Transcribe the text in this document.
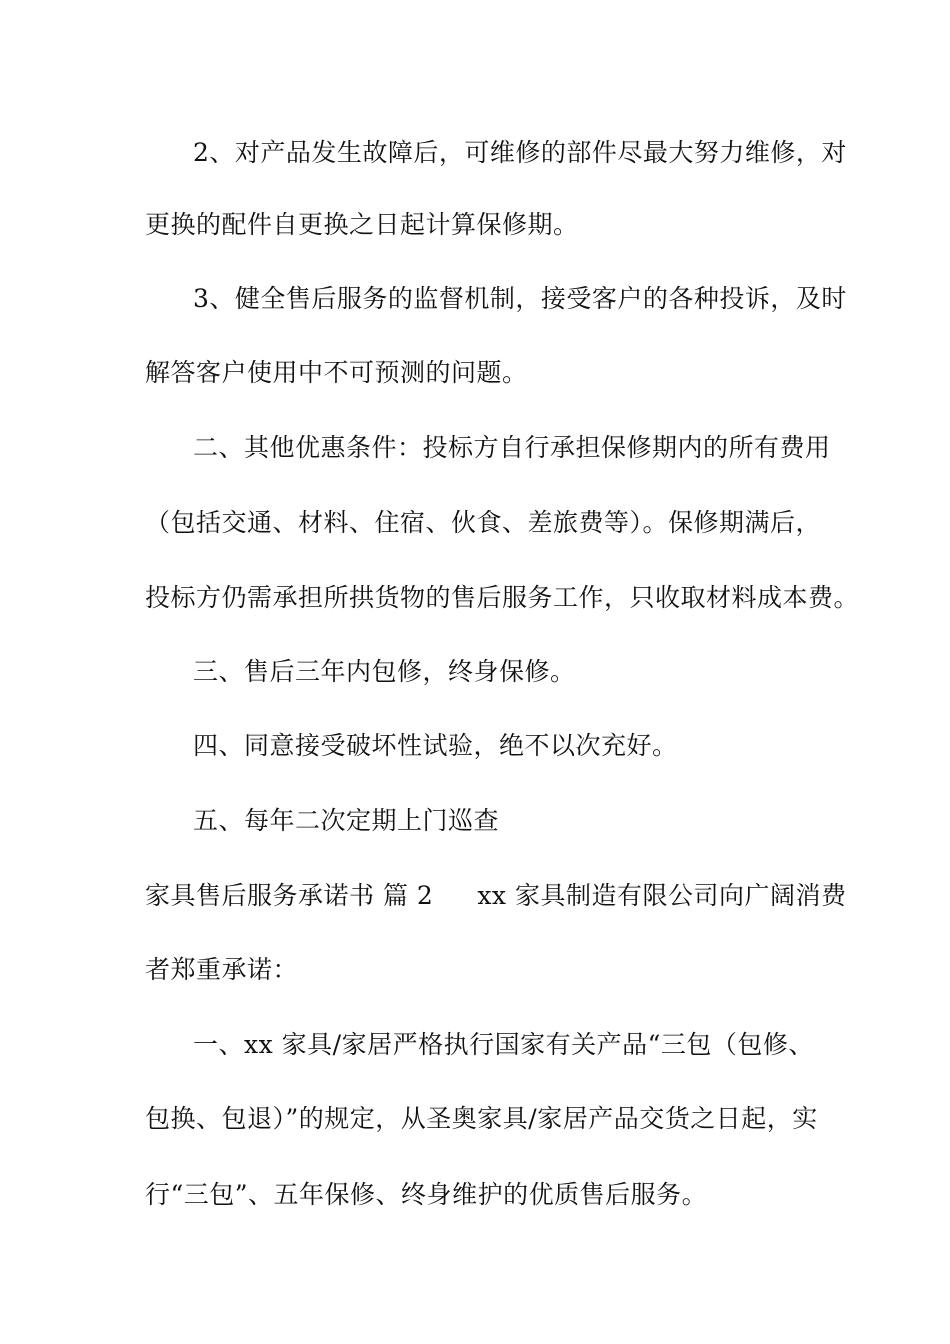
2、对产品发生故障后，可维修的部件尽最大努力维修，对
更换的配件自更换之日起计算保修期。
3、健全售后服务的监督机制，接受客户的各种投诉，及时
解答客户使用中不可预测的问题。
二、其他优惠条件：投标方自行承担保修期内的所有费用
（包括交通、材料、住宿、伙食、差旅费等）。保修期满后，
投标方仍需承担所拱货物的售后服务工作，只收取材料成本费。
三、售后三年内包修，终身保修。
四、同意接受破坏性试验，绝不以次充好。
五、每年二次定期上门巡查
家具售后服务承诺书 篇 2 xx 家具制造有限公司向广阔消费
者郑重承诺：
一、xx 家具/家居严格执行国家有关产品“三包（包修、
包换、包退）”的规定，从圣奥家具/家居产品交货之日起，实
行“三包”、五年保修、终身维护的优质售后服务。
